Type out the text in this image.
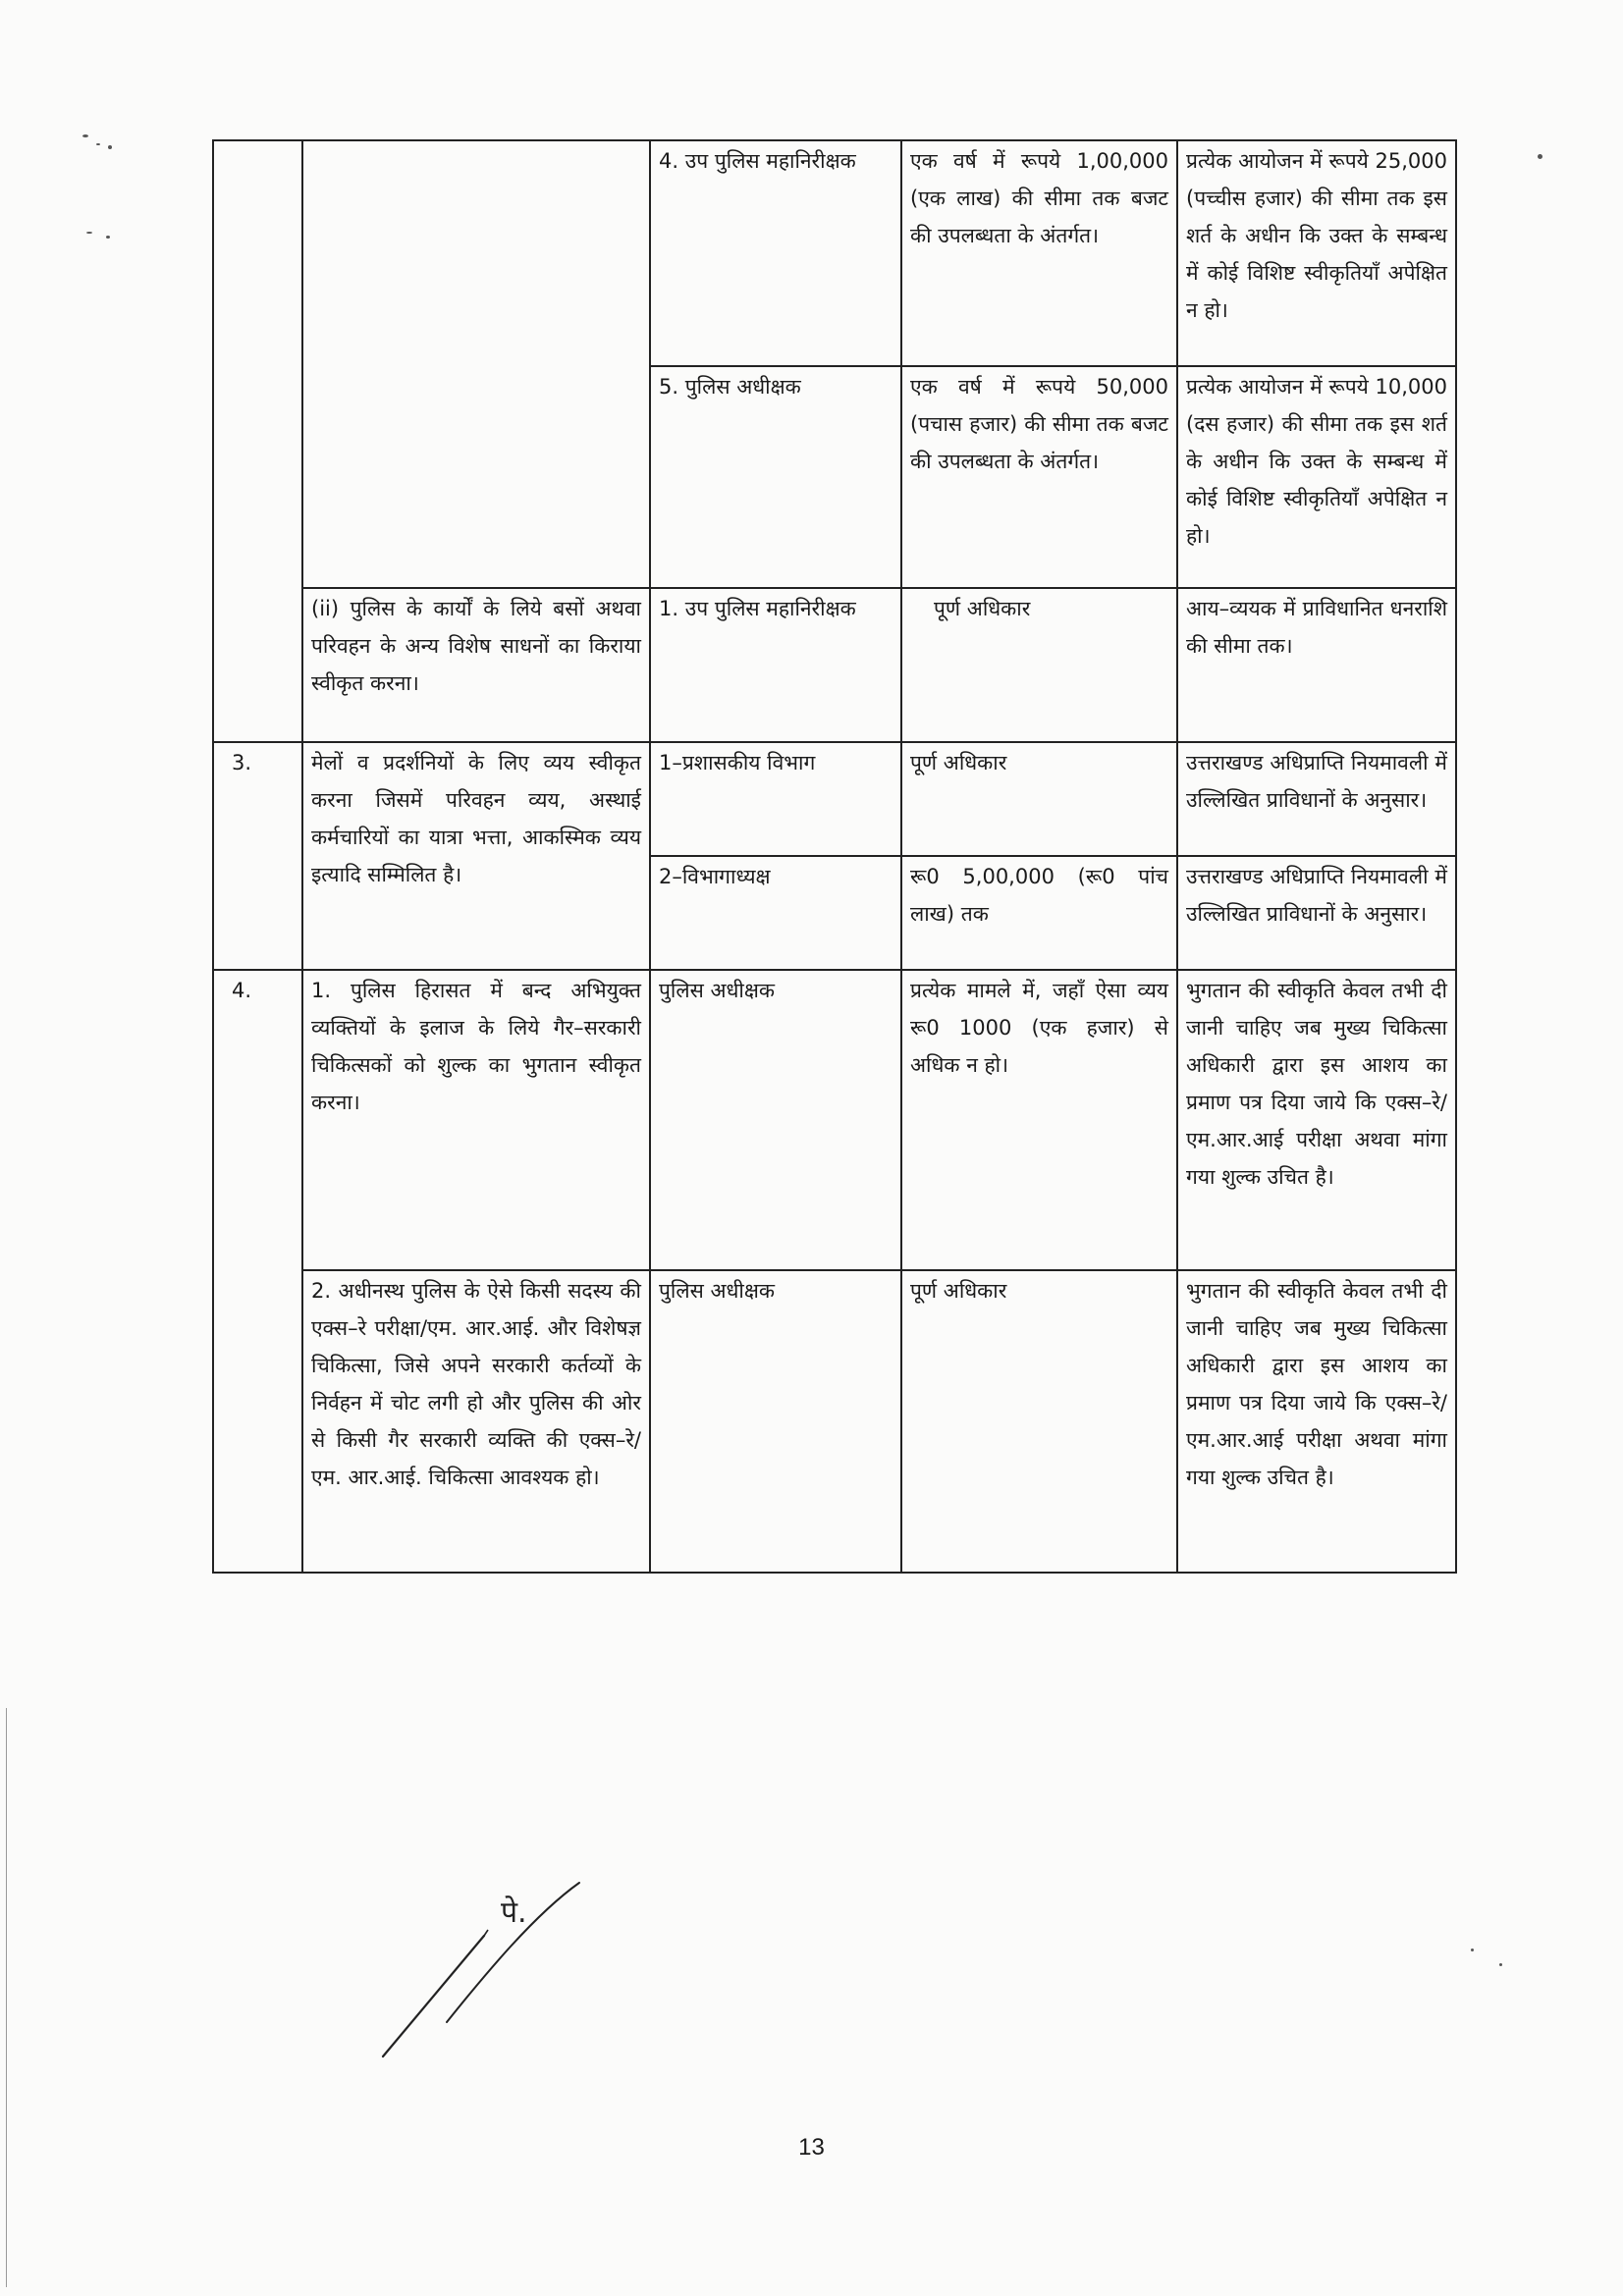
		4. उप पुलिस महानिरीक्षक	एक वर्ष में रूपये 1,00,000 (एक लाख) की सीमा तक बजट की उपलब्धता के अंतर्गत।	प्रत्येक आयोजन में रूपये 25,000 (पच्चीस हजार) की सीमा तक इस शर्त के अधीन कि उक्त के सम्बन्ध में कोई विशिष्ट स्वीकृतियाँ अपेक्षित न हो।
		5. पुलिस अधीक्षक	एक वर्ष में रूपये 50,000 (पचास हजार) की सीमा तक बजट की उपलब्धता के अंतर्गत।	प्रत्येक आयोजन में रूपये 10,000 (दस हजार) की सीमा तक इस शर्त के अधीन कि उक्त के सम्बन्ध में कोई विशिष्ट स्वीकृतियाँ अपेक्षित न हो।
	(ii) पुलिस के कार्यों के लिये बसों अथवा परिवहन के अन्य विशेष साधनों का किराया स्वीकृत करना।	1. उप पुलिस महानिरीक्षक	पूर्ण अधिकार	आय–व्ययक में प्राविधानित धनराशि की सीमा तक।
3.	मेलों व प्रदर्शनियों के लिए व्यय स्वीकृत करना जिसमें परिवहन व्यय, अस्थाई कर्मचारियों का यात्रा भत्ता, आकस्मिक व्यय इत्यादि सम्मिलित है।	1–प्रशासकीय विभाग	पूर्ण अधिकार	उत्तराखण्ड अधिप्राप्ति नियमावली में उल्लिखित प्राविधानों के अनुसार।
		2–विभागाध्यक्ष	रू0 5,00,000 (रू0 पांच लाख) तक	उत्तराखण्ड अधिप्राप्ति नियमावली में उल्लिखित प्राविधानों के अनुसार।
4.	1. पुलिस हिरासत में बन्द अभियुक्त व्यक्तियों के इलाज के लिये गैर–सरकारी चिकित्सकों को शुल्क का भुगतान स्वीकृत करना।	पुलिस अधीक्षक	प्रत्येक मामले में, जहाँ ऐसा व्यय रू0 1000 (एक हजार) से अधिक न हो।	भुगतान की स्वीकृति केवल तभी दी जानी चाहिए जब मुख्य चिकित्सा अधिकारी द्वारा इस आशय का प्रमाण पत्र दिया जाये कि एक्स–रे/एम.आर.आई परीक्षा अथवा मांगा गया शुल्क उचित है।
	2. अधीनस्थ पुलिस के ऐसे किसी सदस्य की एक्स–रे परीक्षा/एम. आर.आई. और विशेषज्ञ चिकित्सा, जिसे अपने सरकारी कर्तव्यों के निर्वहन में चोट लगी हो और पुलिस की ओर से किसी गैर सरकारी व्यक्ति की एक्स–रे/एम. आर.आई. चिकित्सा आवश्यक हो।	पुलिस अधीक्षक	पूर्ण अधिकार	भुगतान की स्वीकृति केवल तभी दी जानी चाहिए जब मुख्य चिकित्सा अधिकारी द्वारा इस आशय का प्रमाण पत्र दिया जाये कि एक्स–रे/एम.आर.आई परीक्षा अथवा मांगा गया शुल्क उचित है।
पे.
13
